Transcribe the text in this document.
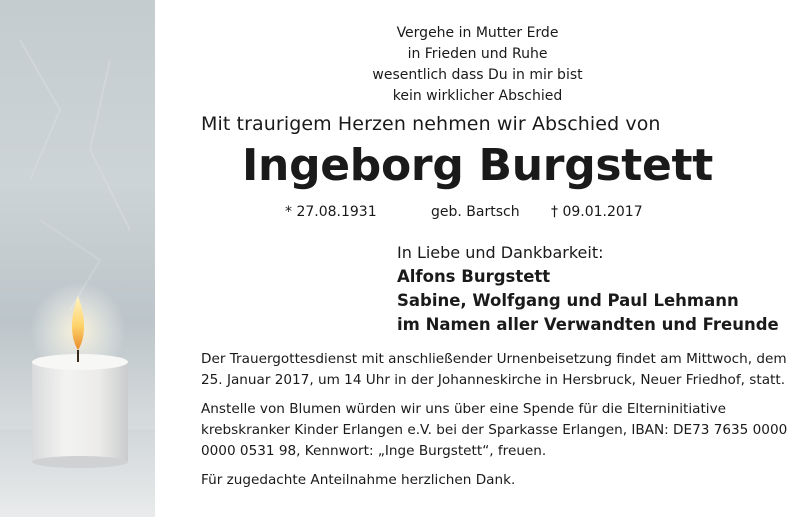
Vergehe in Mutter Erde
in Frieden und Ruhe
wesentlich dass Du in mir bist
kein wirklicher Abschied

Mit traurigem Herzen nehmen wir Abschied von

Ingeborg Burgstett
* 27.08.1931	geb. Bartsch † 09.01.2017
In Liebe und Dankbarkeit:
Alfons Burgstett
Sabine, Wolfgang und Paul Lehmann
im Namen aller Verwandten und Freunde

Der Trauergottesdienst mit anschließender Urnenbeisetzung findet am Mittwoch, dem 25. Januar 2017, um 14 Uhr in der Johanneskirche in Hersbruck, Neuer Friedhof, statt.

Anstelle von Blumen würden wir uns über eine Spende für die Elterninitiative krebskranker Kinder Erlangen e.V. bei der Sparkasse Erlangen, IBAN: DE73 7635 0000 0000 0531 98, Kennwort: „Inge Burgstett“, freuen.

Für zugedachte Anteilnahme herzlichen Dank.
